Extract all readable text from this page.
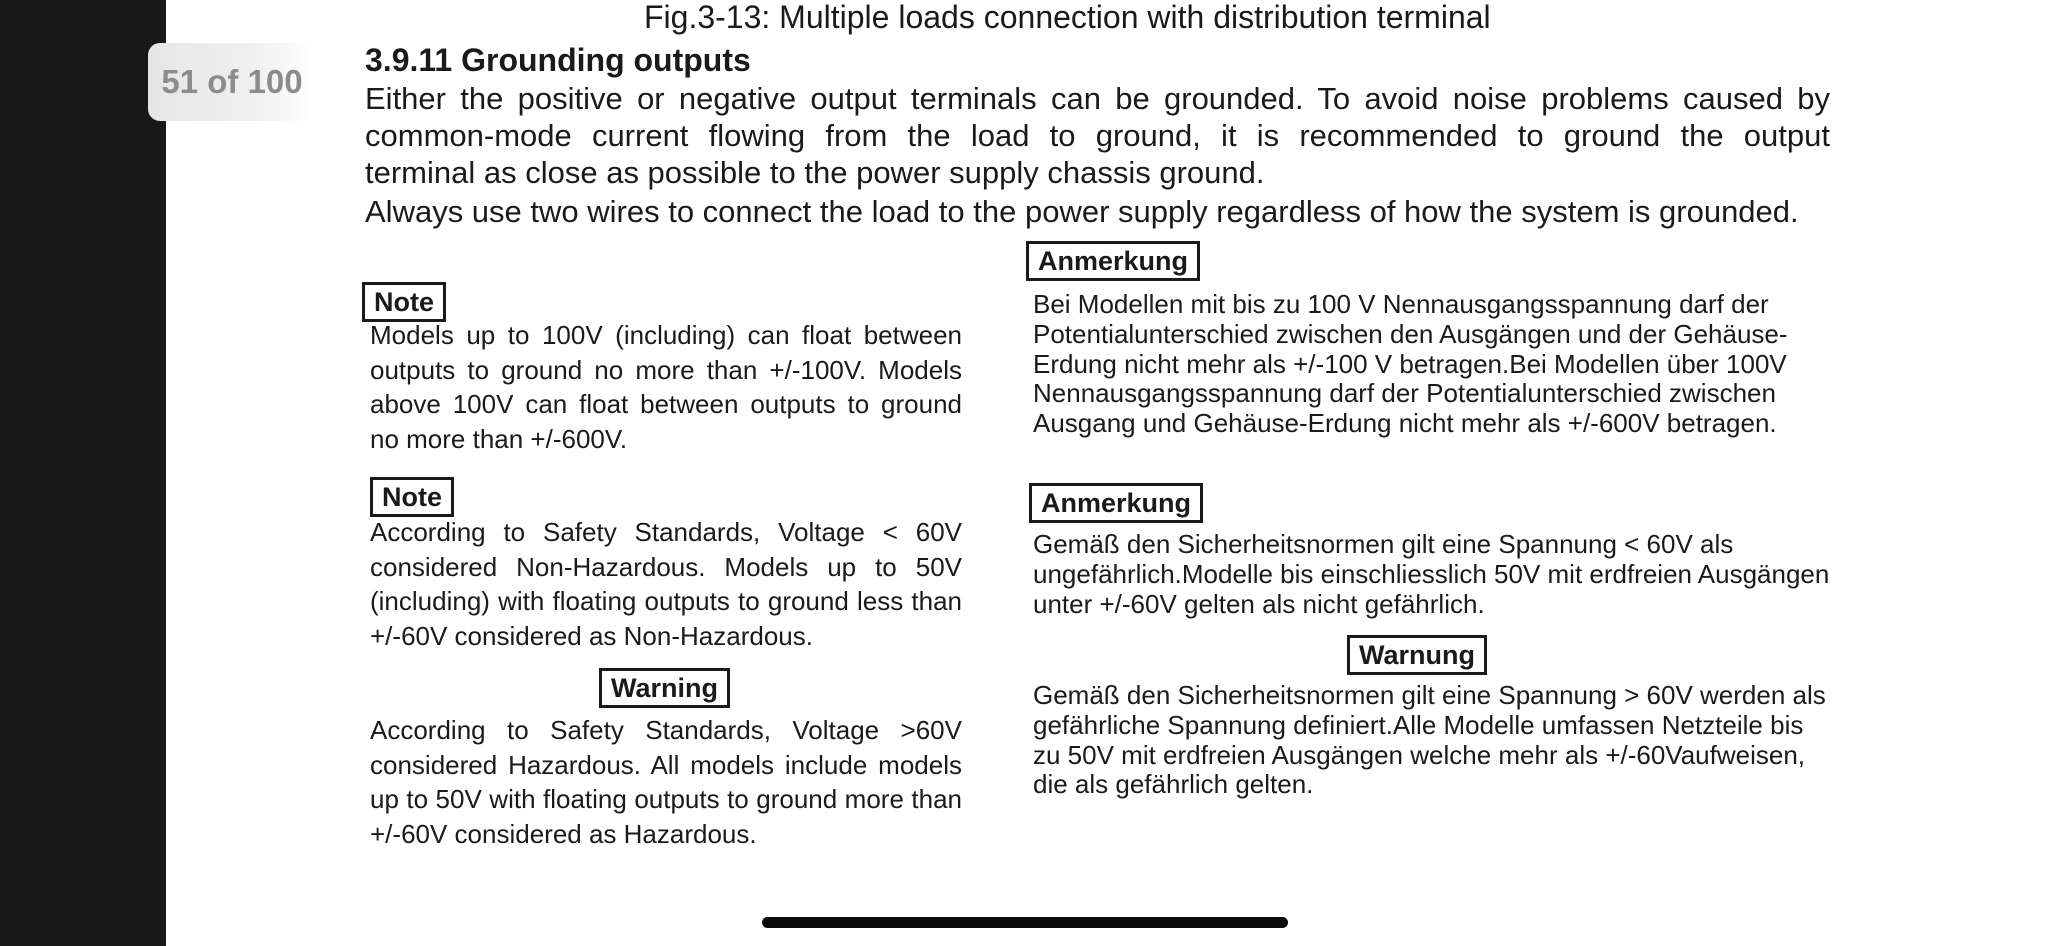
51 of 100
Fig.3-13: Multiple loads connection with distribution terminal
3.9.11 Grounding outputs

Either the positive or negative output terminals can be grounded. To avoid noise problems caused by

common-mode current flowing from the load to ground, it is recommended to ground the output

terminal as close as possible to the power supply chassis ground.

Always use two wires to connect the load to the power supply regardless of how the system is grounded.

Note

Models up to 100V (including) can float between outputs to ground no more than +/-100V. Models above 100V can float between outputs to ground no more than +/-600V.

Note

According to Safety Standards, Voltage < 60V considered Non-Hazardous. Models up to 50V (including) with floating outputs to ground less than +/-60V considered as Non-Hazardous.

Warning

According to Safety Standards, Voltage >60V considered Hazardous. All models include models up to 50V with floating outputs to ground more than +/-60V considered as Hazardous.

Anmerkung

Bei Modellen mit bis zu 100 V Nennausgangsspannung darf der Potentialunterschied zwischen den Ausgängen und der Gehäuse-Erdung nicht mehr als +/-100 V betragen.Bei Modellen über 100V Nennausgangsspannung darf der Potentialunterschied zwischen Ausgang und Gehäuse-Erdung nicht mehr als +/-600V betragen.

Anmerkung

Gemäß den Sicherheitsnormen gilt eine Spannung < 60V als ungefährlich.Modelle bis einschliesslich 50V mit erdfreien Ausgängen unter +/-60V gelten als nicht gefährlich.

Warnung

Gemäß den Sicherheitsnormen gilt eine Spannung > 60V werden als gefährliche Spannung definiert.Alle Modelle umfassen Netzteile bis zu 50V mit erdfreien Ausgängen welche mehr als +/-60Vaufweisen, die als gefährlich gelten.
